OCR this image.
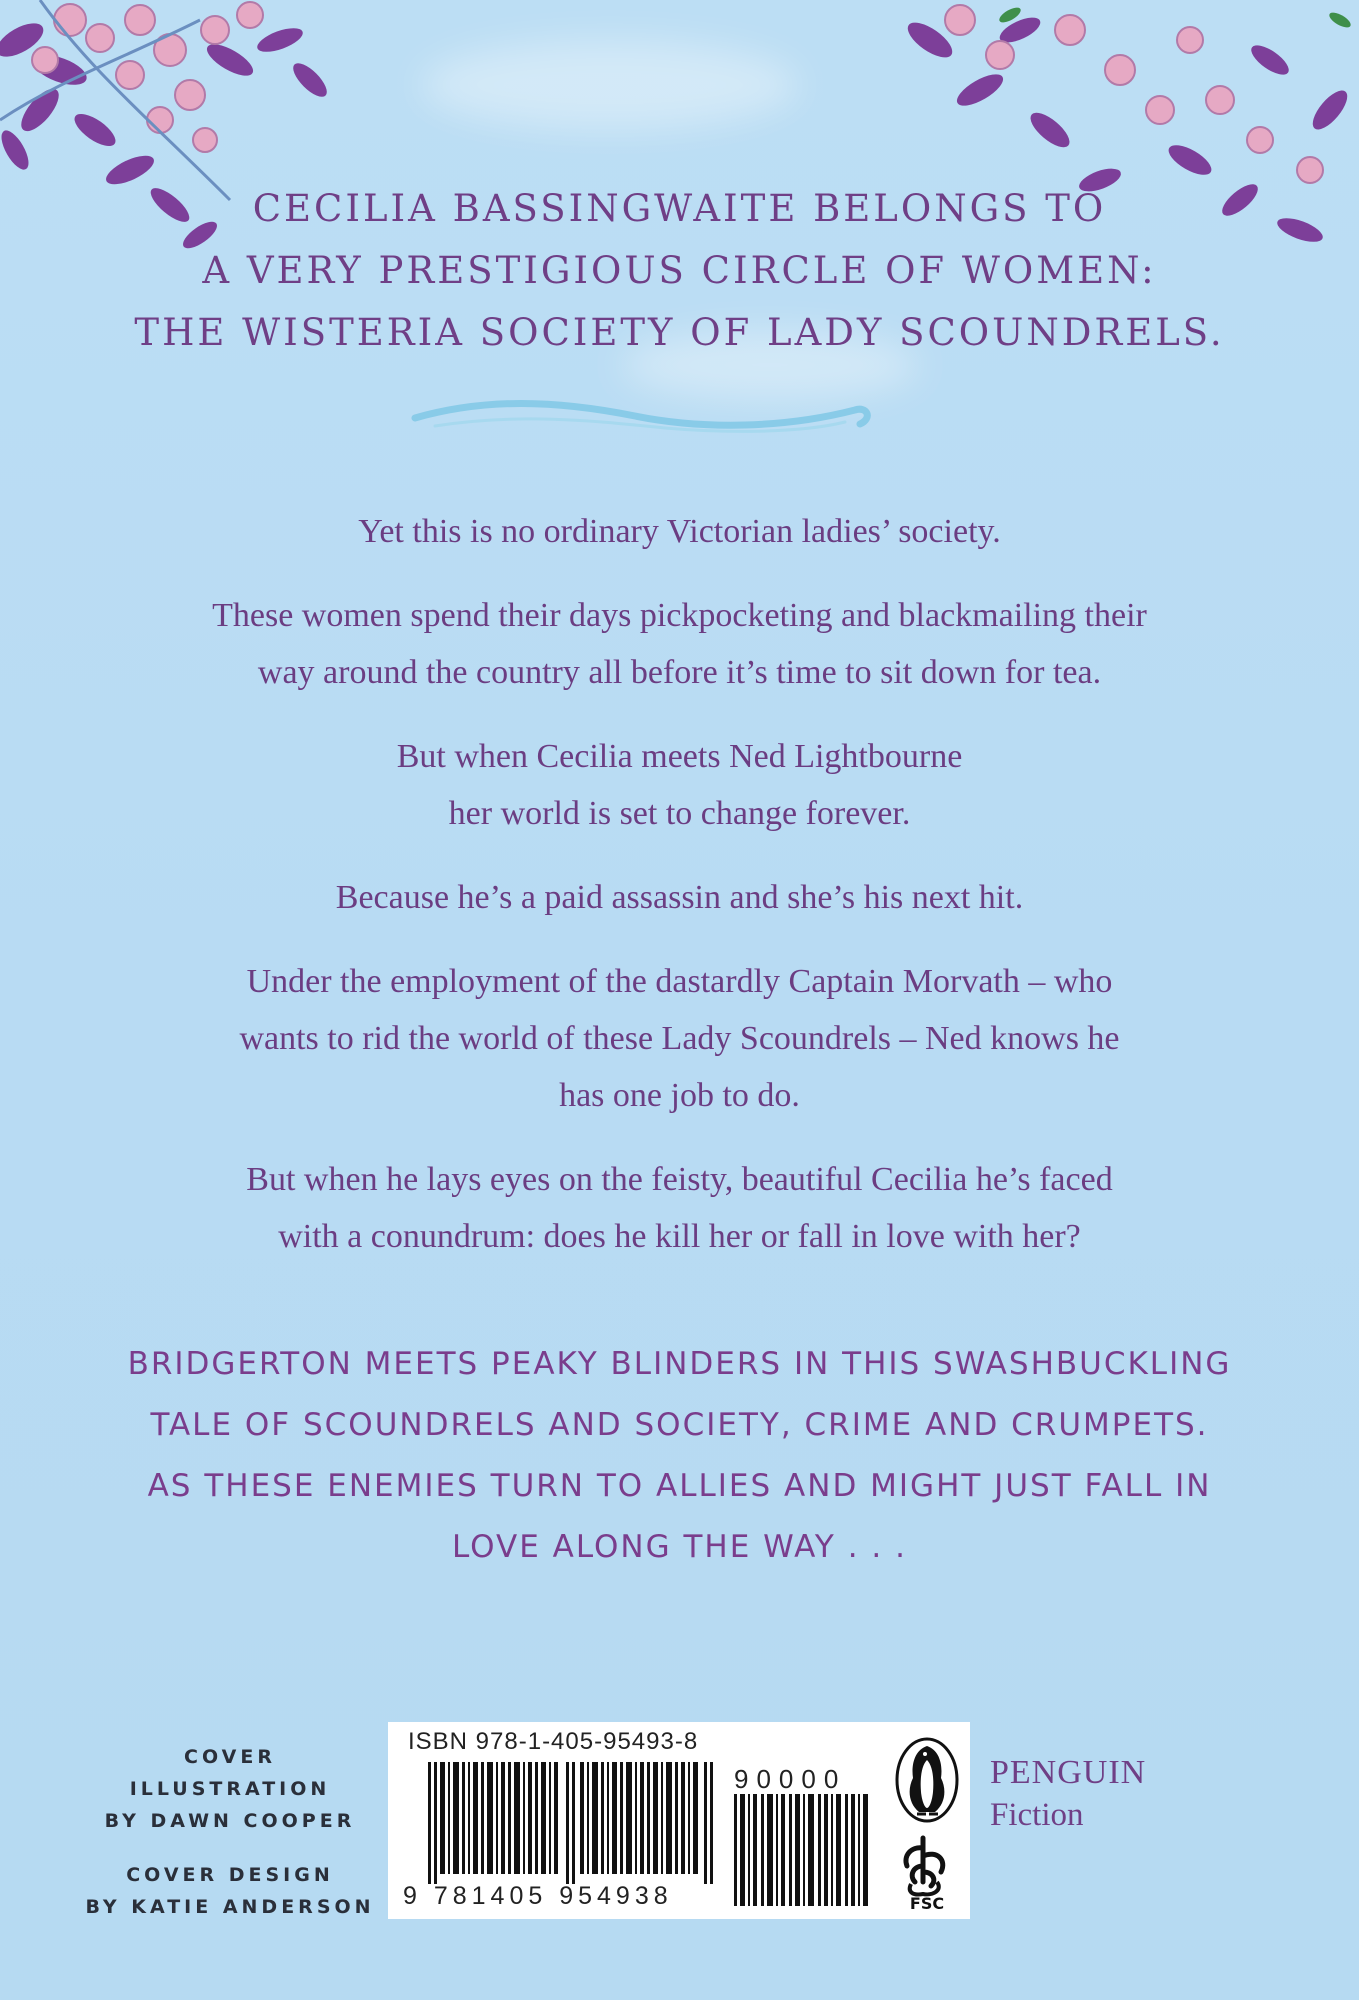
CECILIA BASSINGWAITE BELONGS TO
A VERY PRESTIGIOUS CIRCLE OF WOMEN:
THE WISTERIA SOCIETY OF LADY SCOUNDRELS.

Yet this is no ordinary Victorian ladies’ society.

These women spend their days pickpocketing and blackmailing their
way around the country all before it’s time to sit down for tea.

But when Cecilia meets Ned Lightbourne
her world is set to change forever.

Because he’s a paid assassin and she’s his next hit.

Under the employment of the dastardly Captain Morvath – who
wants to rid the world of these Lady Scoundrels – Ned knows he
has one job to do.

But when he lays eyes on the feisty, beautiful Cecilia he’s faced
with a conundrum: does he kill her or fall in love with her?

BRIDGERTON MEETS PEAKY BLINDERS IN THIS SWASHBUCKLING
TALE OF SCOUNDRELS AND SOCIETY, CRIME AND CRUMPETS.
AS THESE ENEMIES TURN TO ALLIES AND MIGHT JUST FALL IN
LOVE ALONG THE WAY . . .
COVER
ILLUSTRATION
BY DAWN COOPER
COVER DESIGN
BY KATIE ANDERSON
ISBN 978-1-405-95493-8
9 781405 954938
90000
FSC
PENGUIN
Fiction
